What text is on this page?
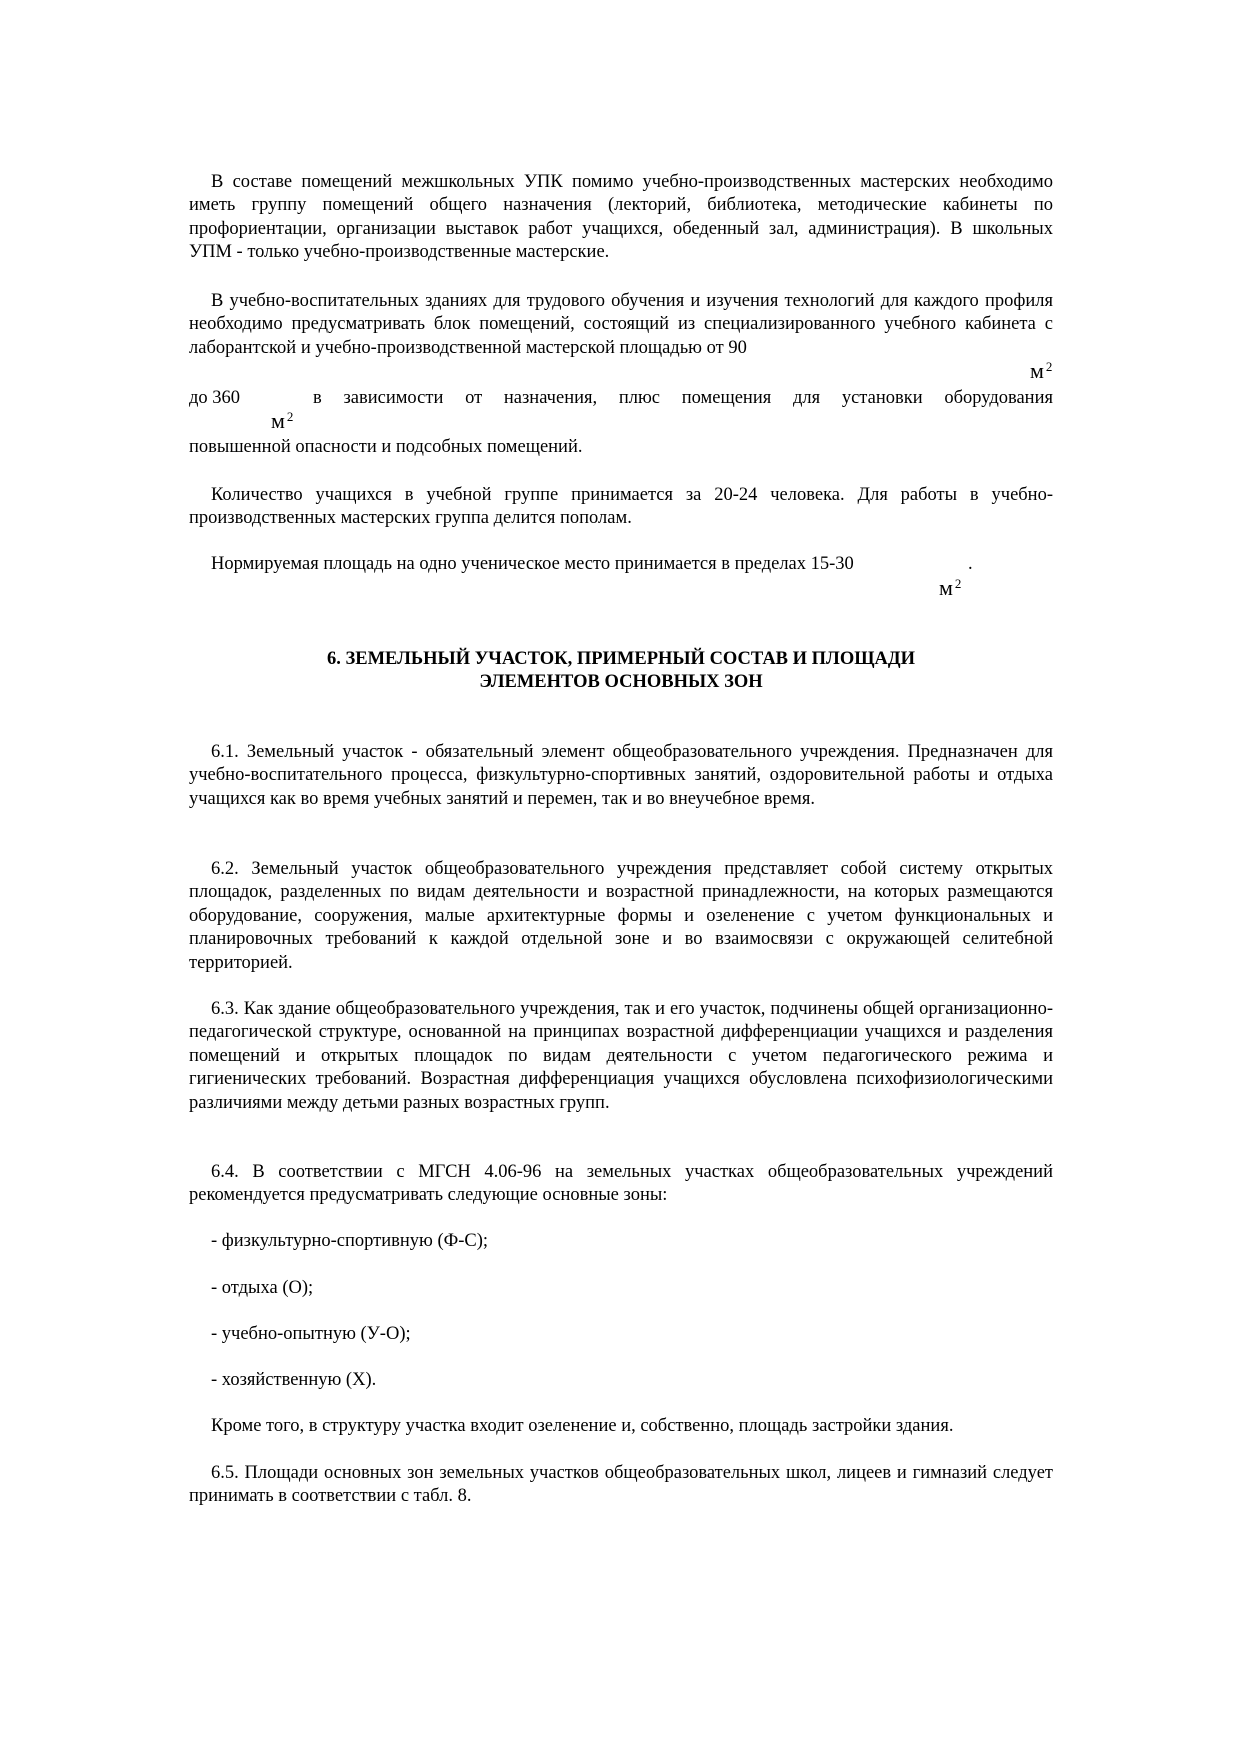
В составе помещений межшкольных УПК помимо учебно-производственных мастерских необходимо иметь группу помещений общего назначения (лекторий, библиотека, методические кабинеты по профориентации, организации выставок работ учащихся, обеденный зал, администрация). В школьных УПМ - только учебно-производственные мастерские.

В учебно-воспитательных зданиях для трудового обучения и изучения технологий для каждого профиля необходимо предусматривать блок помещений, состоящий из специализированного учебного кабинета с лаборантской и учебно-производственной мастерской площадью от 90

м $^2$
до 360	в зависимости от назначения, плюс помещения для установки оборудования
м $^2$
повышенной опасности и подсобных помещений.

Количество учащихся в учебной группе принимается за 20-24 человека. Для работы в учебно-производственных мастерских группа делится пополам.

Нормируемая площадь на одно ученическое место принимается в пределах 15-30	.
м $^2$
6. ЗЕМЕЛЬНЫЙ УЧАСТОК, ПРИМЕРНЫЙ СОСТАВ И ПЛОЩАДИ
ЭЛЕМЕНТОВ ОСНОВНЫХ ЗОН

6.1. Земельный участок - обязательный элемент общеобразовательного учреждения. Предназначен для учебно-воспитательного процесса, физкультурно-спортивных занятий, оздоровительной работы и отдыха учащихся как во время учебных занятий и перемен, так и во внеучебное время.

6.2. Земельный участок общеобразовательного учреждения представляет собой систему открытых площадок, разделенных по видам деятельности и возрастной принадлежности, на которых размещаются оборудование, сооружения, малые архитектурные формы и озеленение с учетом функциональных и планировочных требований к каждой отдельной зоне и во взаимосвязи с окружающей селитебной территорией.

6.3. Как здание общеобразовательного учреждения, так и его участок, подчинены общей организационно-педагогической структуре, основанной на принципах возрастной дифференциации учащихся и разделения помещений и открытых площадок по видам деятельности с учетом педагогического режима и гигиенических требований. Возрастная дифференциация учащихся обусловлена психофизиологическими различиями между детьми разных возрастных групп.

6.4. В соответствии с МГСН 4.06-96 на земельных участках общеобразовательных учреждений рекомендуется предусматривать следующие основные зоны:

- физкультурно-спортивную (Ф-С);
- отдыха (О);
- учебно-опытную (У-О);
- хозяйственную (Х).
Кроме того, в структуру участка входит озеленение и, собственно, площадь застройки здания.

6.5. Площади основных зон земельных участков общеобразовательных школ, лицеев и гимназий следует принимать в соответствии с табл. 8.
